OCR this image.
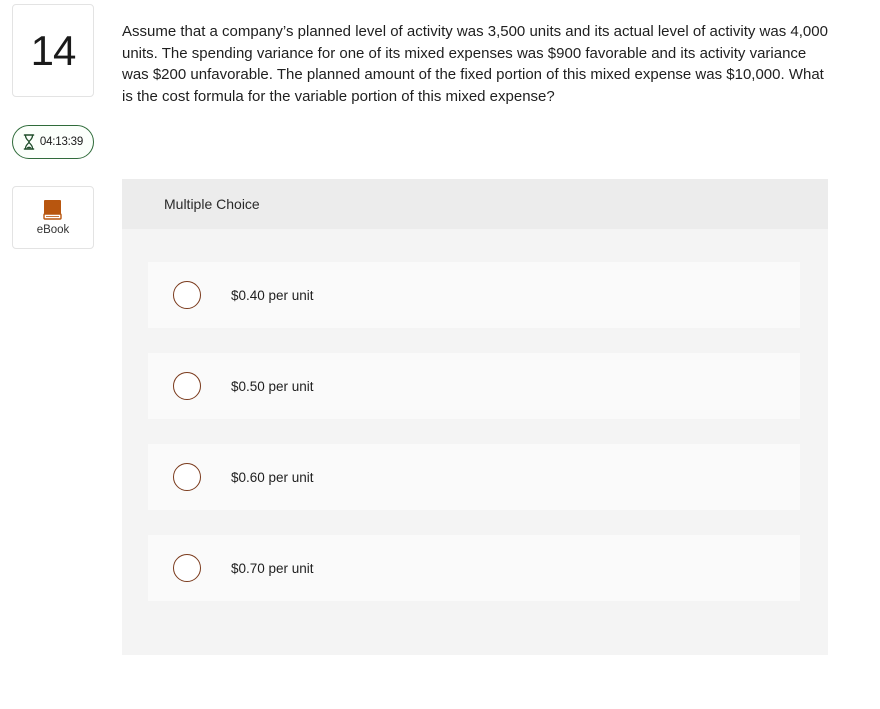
14
04:13:39
eBook
Assume that a company’s planned level of activity was 3,500 units and its actual level of activity was 4,000 units. The spending variance for one of its mixed expenses was $900 favorable and its activity variance was $200 unfavorable. The planned amount of the fixed portion of this mixed expense was $10,000. What is the cost formula for the variable portion of this mixed expense?
Multiple Choice
$0.40 per unit
$0.50 per unit
$0.60 per unit
$0.70 per unit
